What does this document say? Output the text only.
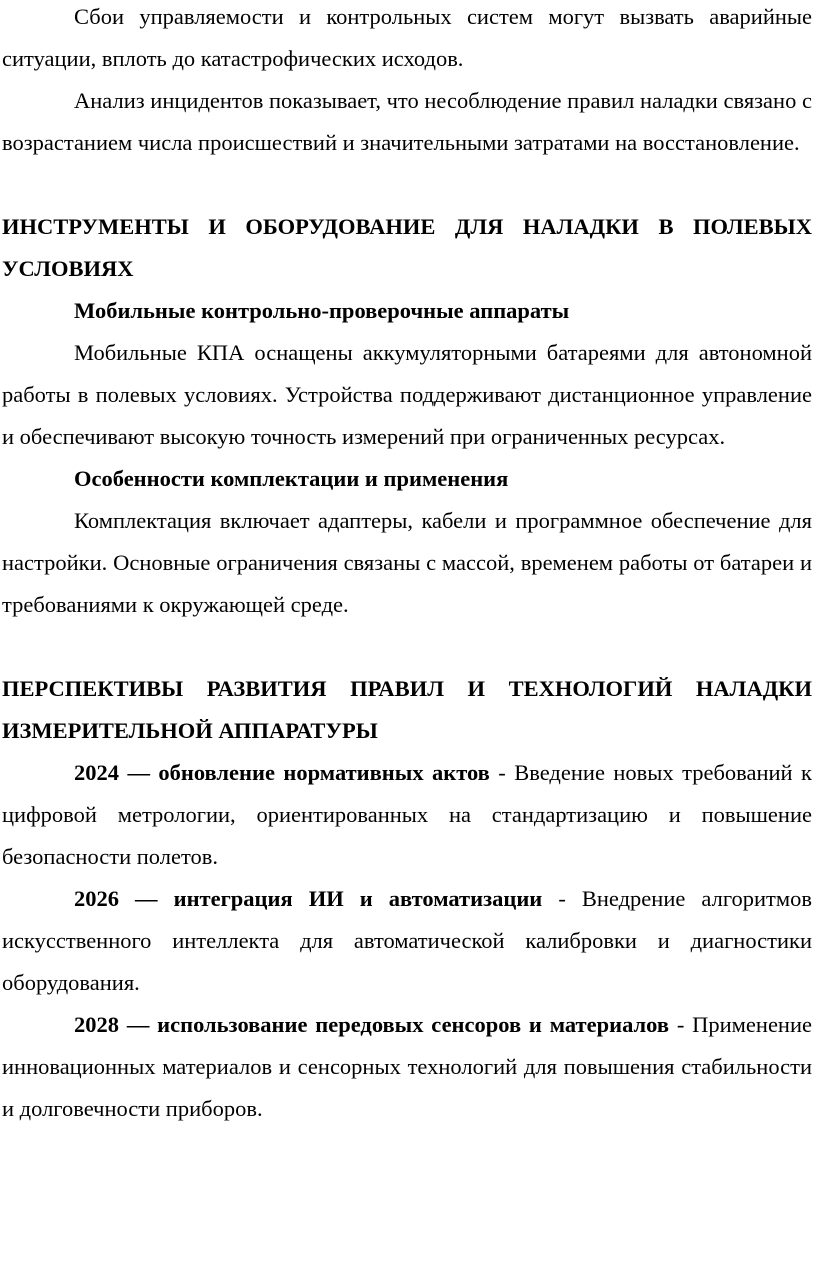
Сбои управляемости и контрольных систем могут вызвать аварийные ситуации, вплоть до катастрофических исходов.

Анализ инцидентов показывает, что несоблюдение правил наладки связано с возрастанием числа происшествий и значительными затратами на восстановление.

ИНСТРУМЕНТЫ И ОБОРУДОВАНИЕ ДЛЯ НАЛАДКИ В ПОЛЕВЫХ УСЛОВИЯХ
Мобильные контрольно-проверочные аппараты

Мобильные КПА оснащены аккумуляторными батареями для автономной работы в полевых условиях. Устройства поддерживают дистанционное управление и обеспечивают высокую точность измерений при ограниченных ресурсах.

Особенности комплектации и применения

Комплектация включает адаптеры, кабели и программное обеспечение для настройки. Основные ограничения связаны с массой, временем работы от батареи и требованиями к окружающей среде.

ПЕРСПЕКТИВЫ РАЗВИТИЯ ПРАВИЛ И ТЕХНОЛОГИЙ НАЛАДКИ ИЗМЕРИТЕЛЬНОЙ АППАРАТУРЫ

2024 — обновление нормативных актов - Введение новых требований к цифровой метрологии, ориентированных на стандартизацию и повышение безопасности полетов.

2026 — интеграция ИИ и автоматизации - Внедрение алгоритмов искусственного интеллекта для автоматической калибровки и диагностики оборудования.

2028 — использование передовых сенсоров и материалов - Применение инновационных материалов и сенсорных технологий для повышения стабильности и долговечности приборов.
